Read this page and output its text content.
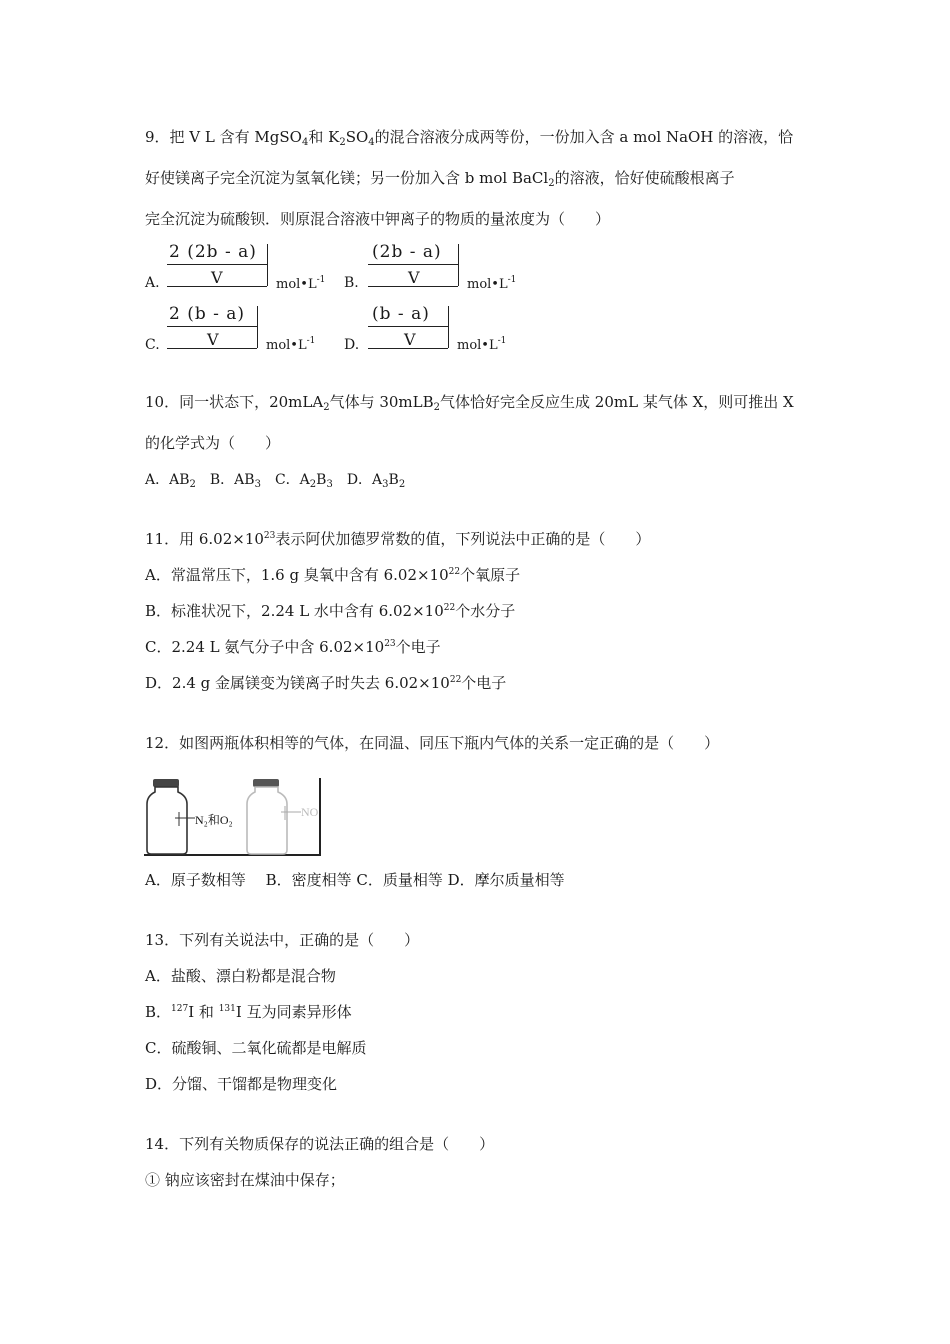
9．把 V L 含有 MgSO$_4$和 $K_2SO_4$的混合溶液分成两等份，一份加入含 a mol NaOH 的溶液，恰
好使镁离子完全沉淀为氢氧化镁；另一份加入含 b mol BaCl$_2$的溶液，恰好使硫酸根离子
完全沉淀为硫酸钡．则原混合溶液中钾离子的物质的量浓度为（　　）
A.
2 (2b - a)
V	$mol•L^{-1}$ B.
(2b - a)
V	$mol•L^{-1}$
C.
2 (b - a)
V	$mol•L^{-1}$ D.
(b - a)
V	$mol•L^{-1}$
10．同一状态下，20mLA$_2$气体与 30mLB$_2$气体恰好完全反应生成 20mL 某气体 X，则可推出 X
的化学式为（　　）
A．$AB_2$　 B．$AB_3$　 C．$A_2B_3$　 D．$A_3B_2$
11．用 $6.02\times 10^{23}$表示阿伏加德罗常数的值，下列说法中正确的是（　　）
A．常温常压下，1.6 g 臭氧中含有 $6.02\times 10^{22}$个氧原子
B．标准状况下，2.24 L 水中含有 $6.02\times 10^{22}$个水分子
C．2.24 L 氨气分子中含 $6.02\times 10^{23}$个电子
D．2.4 g 金属镁变为镁离子时失去 $6.02\times 10^{22}$个电子
12．如图两瓶体积相等的气体，在同温、同压下瓶内气体的关系一定正确的是（　　）
N₂和O₂
NO
A．原子数相等　 B．密度相等 C．质量相等 D．摩尔质量相等
13．下列有关说法中，正确的是（　　）
A．盐酸、漂白粉都是混合物
B．$^{127}$I 和 $^{131}$I 互为同素异形体
C．硫酸铜、二氧化硫都是电解质
D．分馏、干馏都是物理变化
14．下列有关物质保存的说法正确的组合是（　　）
① 钠应该密封在煤油中保存；
